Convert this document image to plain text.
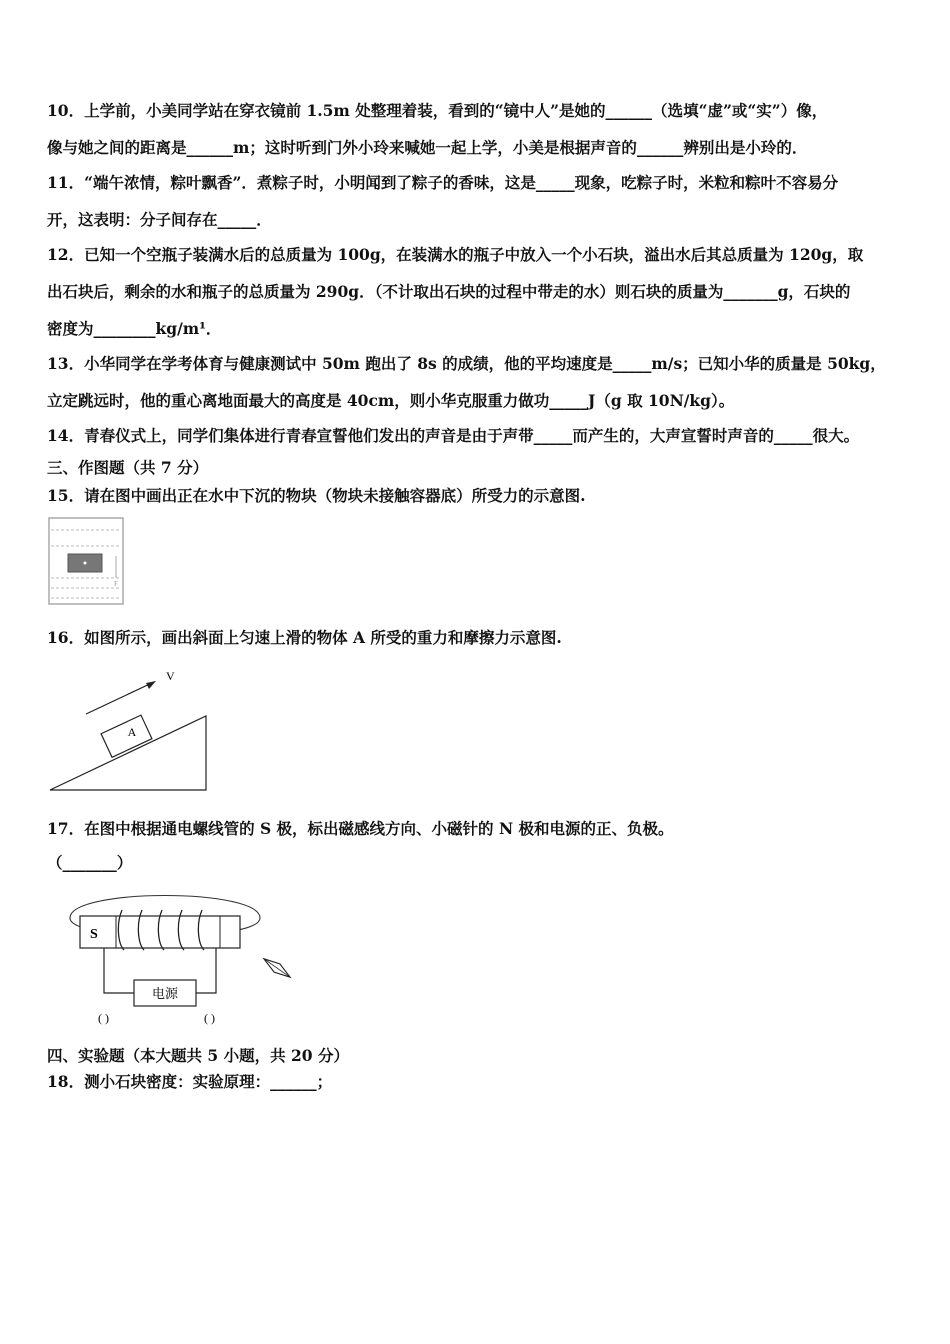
10．上学前，小美同学站在穿衣镜前 1.5m 处整理着装，看到的“镜中人”是她的______（选填“虚”或“实”）像，
像与她之间的距离是______m；这时听到门外小玲来喊她一起上学，小美是根据声音的______辨别出是小玲的．
11．“端午浓情，粽叶飘香”．煮粽子时，小明闻到了粽子的香味，这是_____现象，吃粽子时，米粒和粽叶不容易分
开，这表明：分子间存在_____．
12．已知一个空瓶子装满水后的总质量为 100g，在装满水的瓶子中放入一个小石块，溢出水后其总质量为 120g，取
出石块后，剩余的水和瓶子的总质量为 290g．（不计取出石块的过程中带走的水）则石块的质量为_______g，石块的
密度为________kg/m¹．
13．小华同学在学考体育与健康测试中 50m 跑出了 8s 的成绩，他的平均速度是_____m/s；已知小华的质量是 50kg，
立定跳远时，他的重心离地面最大的高度是 40cm，则小华克服重力做功_____J（g 取 10N/kg）。
14．青春仪式上，同学们集体进行青春宣誓他们发出的声音是由于声带_____而产生的，大声宣誓时声音的_____很大。
三、作图题（共 7 分）
15．请在图中画出正在水中下沉的物块（物块未接触容器底）所受力的示意图.
F
16．如图所示，画出斜面上匀速上滑的物体 A 所受的重力和摩擦力示意图.
A
V
17．在图中根据通电螺线管的 S 极，标出磁感线方向、小磁针的 N 极和电源的正、负极。
（_______）
S
电源
( )	( )
四、实验题（本大题共 5 小题，共 20 分）
18．测小石块密度：实验原理：______；
